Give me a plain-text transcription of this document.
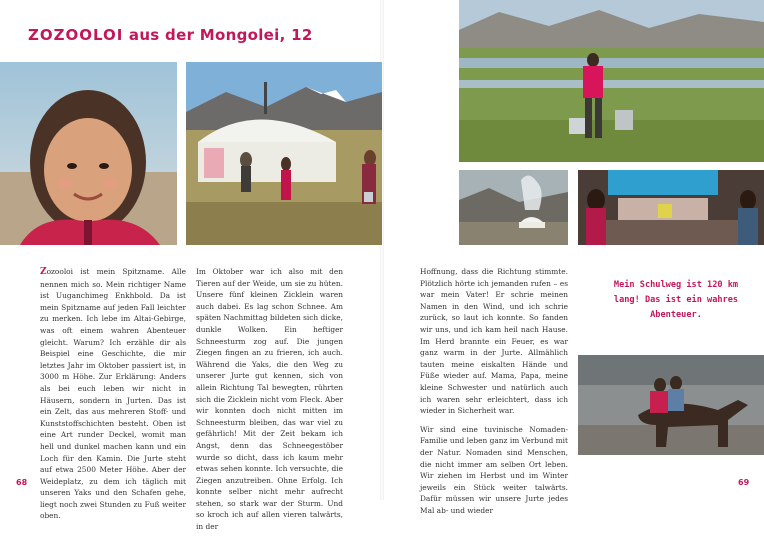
ZOZOOLOI aus der Mongolei, 12

Zozooloi ist mein Spitzname. Alle nennen mich so. Mein richtiger Name ist Uuganchimeg Enkhbold. Da ist mein Spitzname auf jeden Fall leichter zu merken. Ich lebe im Altai-Gebirge, was oft einem wahren Abenteuer gleicht. Warum? Ich erzähle dir als Beispiel eine Geschichte, die mir letztes Jahr im Oktober passiert ist, in 3000 m Höhe. Zur Erklärung: Anders als bei euch leben wir nicht in Häusern, sondern in Jurten. Das ist ein Zelt, das aus mehreren Stoff- und Kunststoffschichten besteht. Oben ist eine Art runder Deckel, womit man hell und dunkel machen kann und ein Loch für den Kamin. Die Jurte steht auf etwa 2500 Meter Höhe. Aber der Weideplatz, zu dem ich täglich mit unseren Yaks und den Schafen gehe, liegt noch zwei Stunden zu Fuß weiter oben.

Im Oktober war ich also mit den Tieren auf der Weide, um sie zu hüten. Unsere fünf kleinen Zicklein waren auch dabei. Es lag schon Schnee. Am späten Nachmittag bildeten sich dicke, dunkle Wolken. Ein heftiger Schneesturm zog auf. Die jungen Ziegen fingen an zu frieren, ich auch. Während die Yaks, die den Weg zu unserer Jurte gut kennen, sich von allein Richtung Tal bewegten, rührten sich die Zicklein nicht vom Fleck. Aber wir konnten doch nicht mitten im Schneesturm bleiben, das war viel zu gefährlich! Mit der Zeit bekam ich Angst, denn das Schneegestöber wurde so dicht, dass ich kaum mehr etwas sehen konnte. Ich versuchte, die Ziegen anzutreiben. Ohne Erfolg. Ich konnte selber nicht mehr aufrecht stehen, so stark war der Sturm. Und so kroch ich auf allen vieren talwärts, in der

Hoffnung, dass die Richtung stimmte. Plötzlich hörte ich jemanden rufen – es war mein Vater! Er schrie meinen Namen in den Wind, und ich schrie zurück, so laut ich konnte. So fanden wir uns, und ich kam heil nach Hause. Im Herd brannte ein Feuer, es war ganz warm in der Jurte. Allmählich tauten meine eiskalten Hände und Füße wieder auf. Mama, Papa, meine kleine Schwester und natürlich auch ich waren sehr erleichtert, dass ich wieder in Sicherheit war.

Wir sind eine tuvinische Nomaden-Familie und leben ganz im Verbund mit der Natur. Nomaden sind Menschen, die nicht immer am selben Ort leben. Wir ziehen im Herbst und im Winter jeweils ein Stück weiter talwärts. Dafür müssen wir unsere Jurte jedes Mal ab- und wieder

Mein Schulweg ist 120 km lang! Das ist ein wahres Abenteuer.
68	69
